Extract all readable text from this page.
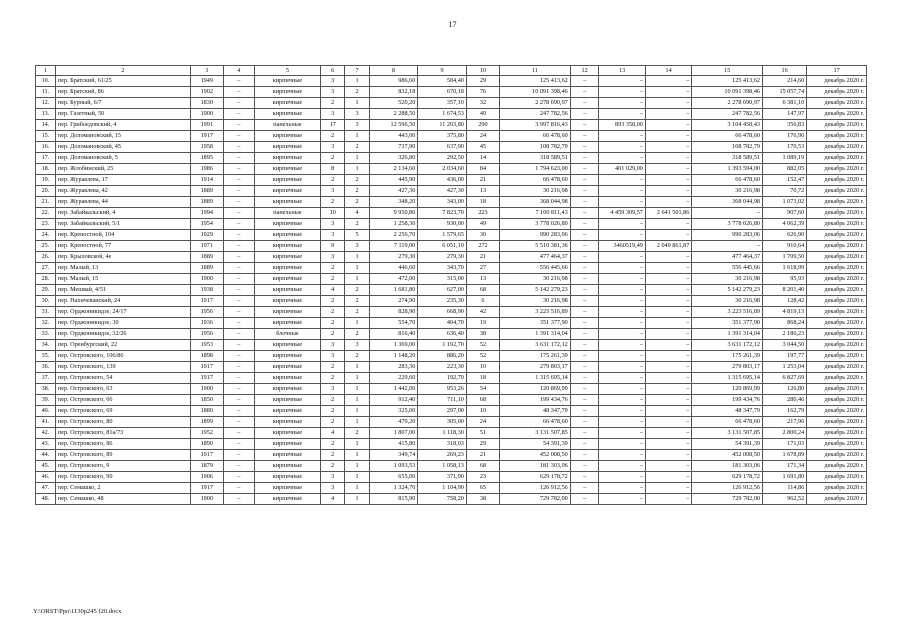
17
1	2	3	4	5	6	7	8	9	10	11	12	13	14	15	16	17
10.	пер. Братский, 61/25	1949	–	кирпичные	3	1	986,60	584,40	29	125 413,62	–	–	–	125 413,62	214,60	декабрь 2020 г.
11.	пер. Братский, 86	1902	–	кирпичные	3	2	832,18	670,18	76	10 091 398,46	–	–	–	10 091 398,46	15 057,74	декабрь 2020 г.
12.	пер. Бурный, 6/7	1830	–	кирпичные	2	1	520,20	357,10	32	2 278 690,97	–	–	–	2 278 690,97	6 381,10	декабрь 2020 г.
13.	пер. Газетный, 50	1900	–	кирпичные	3	3	2 288,50	1 674,53	49	247 782,56	–	–	–	247 782,56	147,97	декабрь 2020 г.
14.	пер. Грибоедовский, 4	1991	–	панельные	17	3	12 596,50	11 203,80	290	3 997 816,43	–	893 358,00	–	3 104 458,43	356,83	декабрь 2020 г.
15.	пер. Доломановский, 15	1917	–	кирпичные	2	1	443,00	375,80	24	66 478,60	–	–	–	66 478,60	176,90	декабрь 2020 г.
16.	пер. Доломановский, 45	1958	–	кирпичные	3	2	737,90	637,90	45	108 782,79	–	–	–	108 782,79	170,53	декабрь 2020 г.
17.	пер. Доломановский, 5	1895	–	кирпичные	2	1	326,80	292,50	14	318 589,51	–	–	–	318 589,51	1 089,19	декабрь 2020 г.
18.	пер. Жлобинский, 25	1986	–	кирпичные	8	1	2 134,60	2 034,60	84	1 794 623,00	–	401 029,00	–	1 393 594,00	882,05	декабрь 2020 г.
19.	пер. Журавлева, 17	1914	–	кирпичные	2	2	445,90	436,00	21	66 478,60	–	–	–	66 478,60	152,47	декабрь 2020 г.
20.	пер. Журавлева, 42	1889	–	кирпичные	3	2	427,30	427,30	13	30 216,98	–	–	–	30 216,98	70,72	декабрь 2020 г.
21.	пер. Журавлева, 44	1889	–	кирпичные	2	2	348,20	343,00	18	368 044,98	–	–	–	368 044,98	1 073,02	декабрь 2020 г.
22.	пер. Забайкальский, 4	1994	–	панельные	10	4	9 950,80	7 823,70	223	7 100 811,43	–	4 459 309,57	2 641 501,86	–	907,60	декабрь 2020 г.
23.	пер. Забайкальский, 5/1	1954	–	кирпичные	3	2	1 258,30	930,00	49	3 778 026,80	–	–	–	3 778 026,80	4 062,39	декабрь 2020 г.
24.	пер. Крепостной, 104	1929	–	кирпичные	3	5	2 256,70	1 579,65	30	990 283,06	–	–	–	990 283,06	626,90	декабрь 2020 г.
25.	пер. Крепостной, 77	1971	–	кирпичные	9	3	7 119,00	6 051,10	272	5 510 381,36	–	3460519,49	2 049 861,87	–	910,64	декабрь 2020 г.
26.	пер. Крыловской, 4е	1889	–	кирпичные	3	1	279,30	279,30	21	477 464,37	–	–	–	477 464,37	1 709,50	декабрь 2020 г.
27.	пер. Малый, 13	1889	–	кирпичные	2	1	446,60	343,70	27	556 445,66	–	–	–	556 445,66	1 618,99	декабрь 2020 г.
28.	пер. Малый, 15	1900	–	кирпичные	2	1	472,00	315,00	13	30 216,98	–	–	–	30 216,98	95,93	декабрь 2020 г.
29.	пер. Мешвай, 4/51	1938	–	кирпичные	4	2	1 681,80	627,00	68	5 142 279,23	–	–	–	5 142 279,23	8 201,40	декабрь 2020 г.
30.	пер. Нахичеванский, 24	1917	–	кирпичные	2	2	274,90	235,30	6	30 216,98	–	–	–	30 216,98	128,42	декабрь 2020 г.
31.	пер. Орджоникидзе, 24/17	1956	–	кирпичные	2	2	828,90	668,90	42	3 223 516,89	–	–	–	3 223 516,89	4 819,13	декабрь 2020 г.
32.	пер. Орджоникидзе, 30	1936	–	кирпичные	2	1	554,70	404,70	19	351 377,90	–	–	–	351 377,90	868,24	декабрь 2020 г.
33.	пер. Орджоникидзе, 32/26	1956	–	блочные	2	2	816,40	636,40	38	1 391 314,04	–	–	–	1 391 314,04	2 186,23	декабрь 2020 г.
34.	пер. Оренбургский, 22	1953	–	кирпичные	3	3	1 369,00	1 192,70	52	3 631 172,12	–	–	–	3 631 172,12	3 044,50	декабрь 2020 г.
35.	пер. Островского, 106/86	1898	–	кирпичные	3	2	1 148,20	886,20	52	175 261,39	–	–	–	175 261,39	197,77	декабрь 2020 г.
36.	пер. Островского, 139	1917	–	кирпичные	2	1	283,30	223,30	10	279 803,17	–	–	–	279 803,17	1 253,04	декабрь 2020 г.
37.	пер. Островского, 54	1917	–	кирпичные	2	1	229,60	192,70	18	1 315 695,14	–	–	–	1 315 695,14	6 827,69	декабрь 2020 г.
38.	пер. Островского, 63	1900	–	кирпичные	3	1	1 442,00	953,26	54	120 869,99	–	–	–	120 869,99	126,80	декабрь 2020 г.
39.	пер. Островского, 66	1850	–	кирпичные	2	1	912,40	711,10	68	199 434,76	–	–	–	199 434,76	280,46	декабрь 2020 г.
40.	пер. Островского, 69	1880	–	кирпичные	2	1	325,00	297,00	10	48 347,79	–	–	–	48 347,79	162,79	декабрь 2020 г.
41.	пер. Островского, 80	1899	–	кирпичные	2	1	479,20	305,00	24	66 478,60	–	–	–	66 478,60	217,96	декабрь 2020 г.
42.	пер. Островского, 81а/73	1952	–	кирпичные	4	2	1 807,00	1 118,30	51	3 131 507,85	–	–	–	3 131 507,85	2 800,24	декабрь 2020 г.
43.	пер. Островского, 86	1890	–	кирпичные	2	1	415,80	318,03	29	54 391,39	–	–	–	54 391,39	171,03	декабрь 2020 г.
44.	пер. Островского, 89	1917	–	кирпичные	2	1	349,74	269,23	21	452 008,50	–	–	–	452 008,50	1 678,89	декабрь 2020 г.
45.	пер. Островского, 9	1879	–	кирпичные	2	1	1 093,53	1 058,13	68	181 303,06	–	–	–	181 303,06	171,34	декабрь 2020 г.
46.	пер. Островского, 90	1906	–	кирпичные	3	1	655,00	371,90	23	629 178,72	–	–	–	629 178,72	1 691,80	декабрь 2020 г.
47.	пер. Семашко, 2	1917	–	кирпичные	3	1	1 324,70	1 104,90	65	126 912,56	–	–	–	126 912,56	114,86	декабрь 2020 г.
48.	пер. Семашко, 48	1900	–	кирпичные	4	1	815,90	758,20	38	729 782,00	–	–	–	729 782,00	962,52	декабрь 2020 г.
Y:\ORST\Ppo\1130p245 f20.docx
